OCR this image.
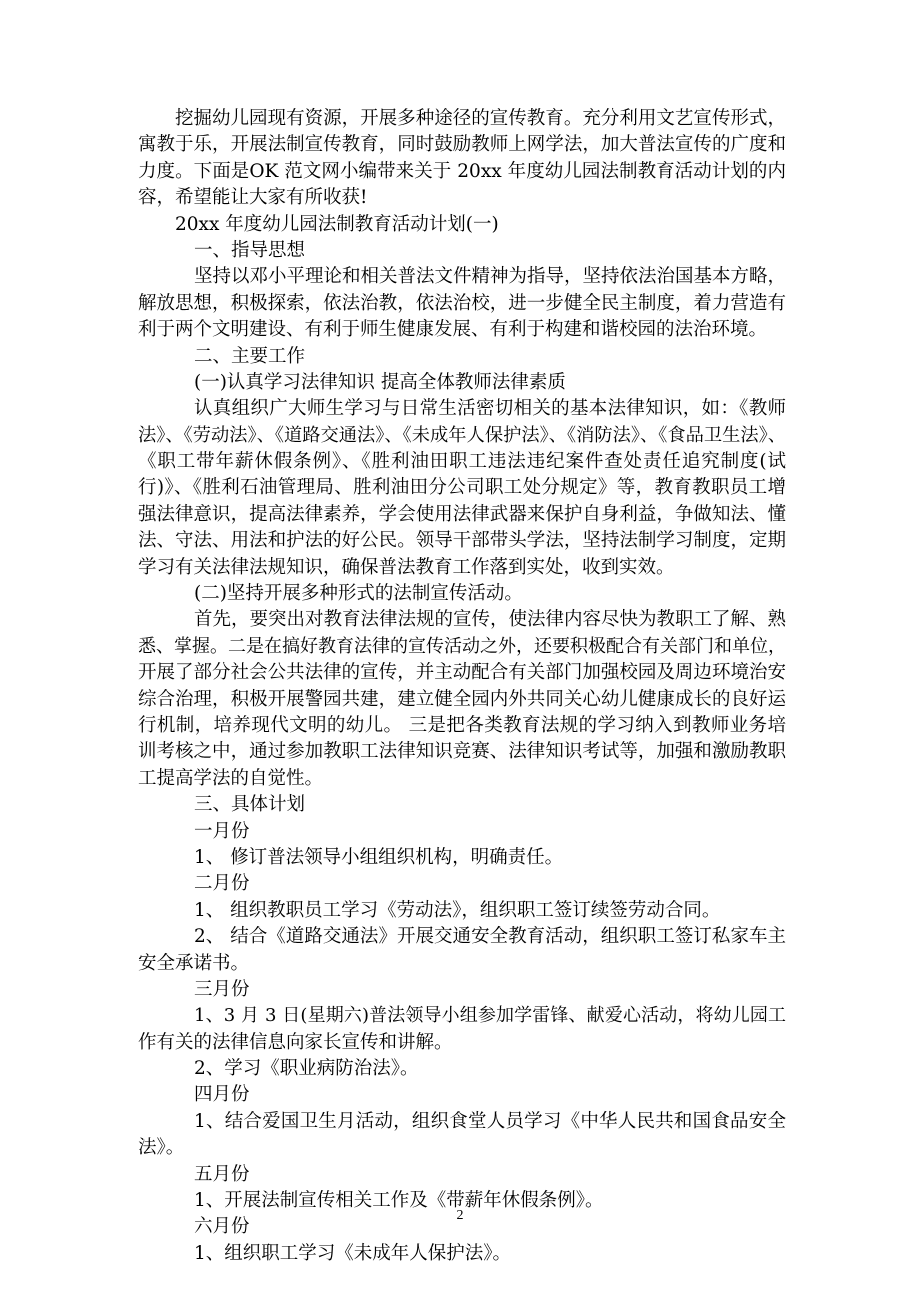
挖掘幼儿园现有资源，开展多种途径的宣传教育。充分利用文艺宣传形式，
寓教于乐，开展法制宣传教育，同时鼓励教师上网学法，加大普法宣传的广度和
力度。下面是OK 范文网小编带来关于 20xx 年度幼儿园法制教育活动计划的内
容，希望能让大家有所收获!
20xx 年度幼儿园法制教育活动计划(一)
一、指导思想
坚持以邓小平理论和相关普法文件精神为指导，坚持依法治国基本方略，
解放思想，积极探索，依法治教，依法治校，进一步健全民主制度，着力营造有
利于两个文明建设、有利于师生健康发展、有利于构建和谐校园的法治环境。
二、主要工作
(一)认真学习法律知识 提高全体教师法律素质
认真组织广大师生学习与日常生活密切相关的基本法律知识，如：《教师
法》、《劳动法》、《道路交通法》、《未成年人保护法》、《消防法》、《食品卫生法》、
《职工带年薪休假条例》、《胜利油田职工违法违纪案件查处责任追究制度(试
行)》、《胜利石油管理局、胜利油田分公司职工处分规定》等，教育教职员工增
强法律意识，提高法律素养，学会使用法律武器来保护自身利益，争做知法、懂
法、守法、用法和护法的好公民。领导干部带头学法，坚持法制学习制度，定期
学习有关法律法规知识，确保普法教育工作落到实处，收到实效。
(二)坚持开展多种形式的法制宣传活动。
首先，要突出对教育法律法规的宣传，使法律内容尽快为教职工了解、熟
悉、掌握。二是在搞好教育法律的宣传活动之外，还要积极配合有关部门和单位，
开展了部分社会公共法律的宣传，并主动配合有关部门加强校园及周边环境治安
综合治理，积极开展警园共建，建立健全园内外共同关心幼儿健康成长的良好运
行机制，培养现代文明的幼儿。 三是把各类教育法规的学习纳入到教师业务培
训考核之中，通过参加教职工法律知识竞赛、法律知识考试等，加强和激励教职
工提高学法的自觉性。
三、具体计划
一月份
1、 修订普法领导小组组织机构，明确责任。
二月份
1、 组织教职员工学习《劳动法》，组织职工签订续签劳动合同。
2、 结合《道路交通法》开展交通安全教育活动，组织职工签订私家车主
安全承诺书。
三月份
1、3 月 3 日(星期六)普法领导小组参加学雷锋、献爱心活动，将幼儿园工
作有关的法律信息向家长宣传和讲解。
2、学习《职业病防治法》。
四月份
1、结合爱国卫生月活动，组织食堂人员学习《中华人民共和国食品安全
法》。
五月份
1、开展法制宣传相关工作及《带薪年休假条例》。
六月份
1、组织职工学习《未成年人保护法》。
2
